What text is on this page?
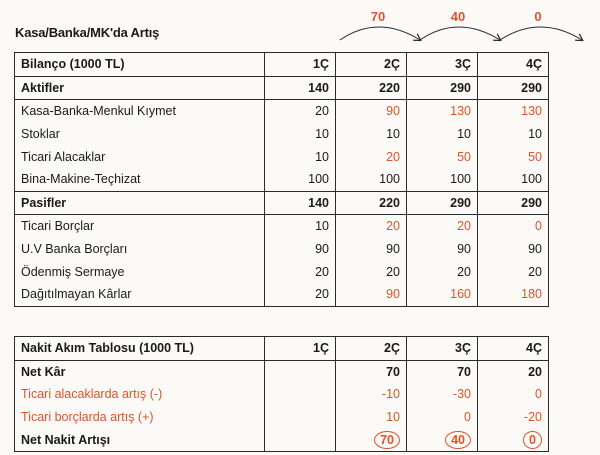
Kasa/Banka/MK'da Artış
70	40	0
Bilanço (1000 TL)	1Ç	2Ç	3Ç	4Ç
Aktifler	140	220	290	290
Kasa-Banka-Menkul Kıymet	20	90	130	130
Stoklar	10	10	10	10
Ticari Alacaklar	10	20	50	50
Bina-Makine-Teçhizat	100	100	100	100
Pasifler	140	220	290	290
Ticari Borçlar	10	20	20	0
U.V Banka Borçları	90	90	90	90
Ödenmiş Sermaye	20	20	20	20
Dağıtılmayan Kârlar	20	90	160	180
Nakit Akım Tablosu (1000 TL)	1Ç	2Ç	3Ç	4Ç
Net Kâr		70	70	20
Ticari alacaklarda artış (-)		-10	-30	0
Ticari borçlarda artış (+)		10	0	-20
Net Nakit Artışı		70	40	0
